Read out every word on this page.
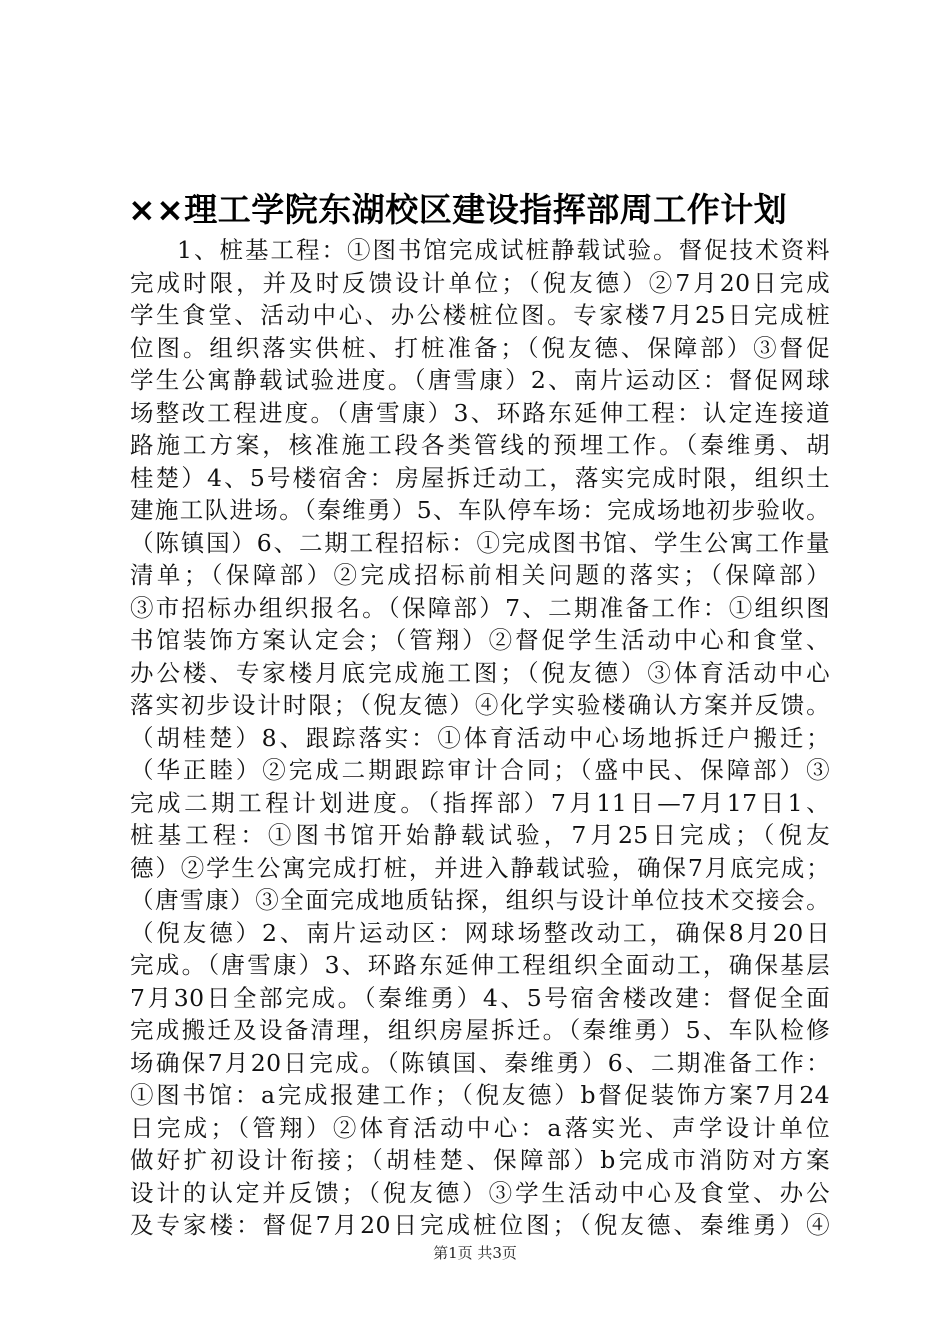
××理工学院东湖校区建设指挥部周工作计划
1、桩基工程：①图书馆完成试桩静载试验。督促技术资料
完成时限，并及时反馈设计单位；（倪友德）②7月20日完成
学生食堂、活动中心、办公楼桩位图。专家楼7月25日完成桩
位图。组织落实供桩、打桩准备；（倪友德、保障部）③督促
学生公寓静载试验进度。（唐雪康）2、南片运动区：督促网球
场整改工程进度。（唐雪康）3、环路东延伸工程：认定连接道
路施工方案，核准施工段各类管线的预埋工作。（秦维勇、胡
桂楚）4、5号楼宿舍：房屋拆迁动工，落实完成时限，组织土
建施工队进场。（秦维勇）5、车队停车场：完成场地初步验收。
（陈镇国）6、二期工程招标：①完成图书馆、学生公寓工作量
清单；（保障部）②完成招标前相关问题的落实；（保障部）
③市招标办组织报名。（保障部）7、二期准备工作：①组织图
书馆装饰方案认定会；（管翔）②督促学生活动中心和食堂、
办公楼、专家楼月底完成施工图；（倪友德）③体育活动中心
落实初步设计时限；（倪友德）④化学实验楼确认方案并反馈。
（胡桂楚）8、跟踪落实：①体育活动中心场地拆迁户搬迁；
（华正睦）②完成二期跟踪审计合同；（盛中民、保障部）③
完成二期工程计划进度。（指挥部）7月11日—7月17日1、
桩基工程：①图书馆开始静载试验，7月25日完成；（倪友
德）②学生公寓完成打桩，并进入静载试验，确保7月底完成；
（唐雪康）③全面完成地质钻探，组织与设计单位技术交接会。
（倪友德）2、南片运动区：网球场整改动工，确保8月20日
完成。（唐雪康）3、环路东延伸工程组织全面动工，确保基层
7月30日全部完成。（秦维勇）4、5号宿舍楼改建：督促全面
完成搬迁及设备清理，组织房屋拆迁。（秦维勇）5、车队检修
场确保7月20日完成。（陈镇国、秦维勇）6、二期准备工作：
①图书馆：a完成报建工作；（倪友德）b督促装饰方案7月24
日完成；（管翔）②体育活动中心：a落实光、声学设计单位
做好扩初设计衔接；（胡桂楚、保障部）b完成市消防对方案
设计的认定并反馈；（倪友德）③学生活动中心及食堂、办公
及专家楼：督促7月20日完成桩位图；（倪友德、秦维勇）④
第1页 共3页
